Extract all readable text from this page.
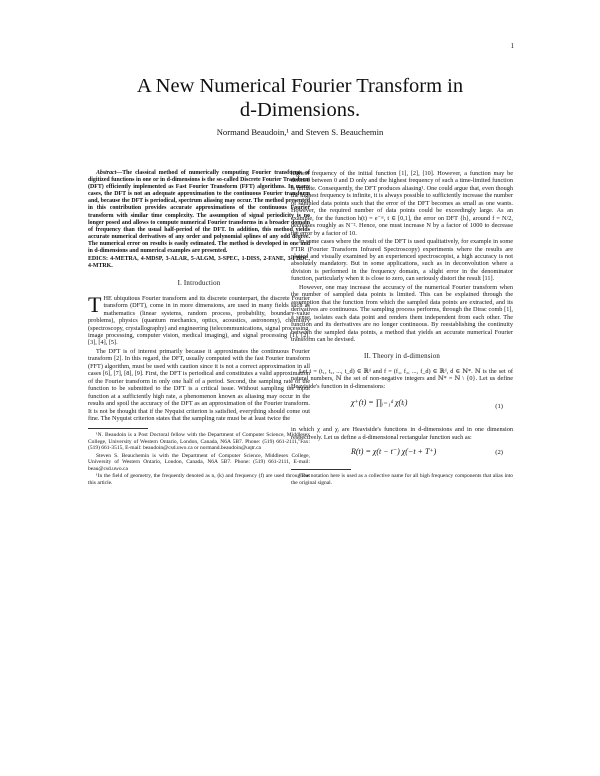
1
A New Numerical Fourier Transform in
d-Dimensions.
Normand Beaudoin,¹ and Steven S. Beauchemin

Abstract—The classical method of numerically computing Fourier transforms of digitized functions in one or in d-dimensions is the so-called Discrete Fourier Transform (DFT) efficiently implemented as Fast Fourier Transform (FFT) algorithms. In many cases, the DFT is not an adequate approximation to the continuous Fourier transform and, because the DFT is periodical, spectrum aliasing may occur. The method presented in this contribution provides accurate approximations of the continuous Fourier transform with similar time complexity. The assumption of signal periodicity is no longer posed and allows to compute numerical Fourier transforms in a broader domain of frequency than the usual half-period of the DFT. In addition, this method yields accurate numerical derivatives of any order and polynomial splines of any odd degree. The numerical error on results is easily estimated. The method is developed in one and in d-dimensions and numerical examples are presented.

EDICS: 4-METRA, 4-MDSP, 3-ALAR, 5-ALGM, 3-SPEC, 1-DISS, 2-FANE, 3-FBDC, 4-MTRK.

I. Introduction

THE ubiquitous Fourier transform and its discrete counterpart, the discrete Fourier transform (DFT), come in in more dimensions, are used in many fields such as mathematics (linear systems, random process, probability, boundary-value problems), physics (quantum mechanics, optics, acoustics, astronomy), chemistry (spectroscopy, crystallography) and engineering (telecommunications, signal processing, image processing, computer vision, medical imaging), and signal processing [1], [2], [3], [4], [5].

The DFT is of interest primarily because it approximates the continuous Fourier transform [2]. In this regard, the DFT, usually computed with the fast Fourier transform (FFT) algorithm, must be used with caution since it is not a correct approximation in all cases [6], [7], [8], [9]. First, the DFT is periodical and constitutes a valid approximation of the Fourier transform in only one half of a period. Second, the sampling rate of the function to be submitted to the DFT is a critical issue. Without sampling the input function at a sufficiently high rate, a phenomenon known as aliasing may occur in the results and spoil the accuracy of the DFT as an approximation of the Fourier transform. It is not be thought that if the Nyquist criterion is satisfied, everything should come out fine. The Nyquist criterion states that the sampling rate must be at least twice the

¹N. Beaudoin is a Post Doctoral fellow with the Department of Computer Science, Middlesex College, University of Western Ontario, London, Canada, N6A 5B7. Phone: (519) 661-2111, Fax: (519) 661-3515, E-mail: beaudoin@csd.uwo.ca or normand.beaudoin@uqtr.ca

Steven S. Beauchemin is with the Department of Computer Science, Middlesex College, University of Western Ontario, London, Canada, N6A 5B7. Phone: (519) 661-2111, E-mail: beau@csd.uwo.ca

¹In the field of geometry, the frequently denoted as n, (k) and frequency (f) are used throughout this article.

highest frequency of the initial function [1], [2], [10]. However, a function may be defined between 0 and D only and the highest frequency of such a time-limited function is infinite. Consequently, the DFT produces aliasing¹. One could argue that, even though the highest frequency is infinite, it is always possible to sufficiently increase the number of sampled data points such that the error of the DFT becomes as small as one wants. However, the required number of data points could be exceedingly large. As an example, for the function h(t) = e⁻ᵃᵗ, t ∈ [0,1], the error on DFT {h}, around f = N/2, decreases roughly as N⁻². Hence, one must increase N by a factor of 1000 to decrease the error by a factor of 10.

In some cases where the result of the DFT is used qualitatively, for example in some FTIR (Fourier Transform Infrared Spectroscopy) experiments where the results are plotted and visually examined by an experienced spectroscopist, a high accuracy is not absolutely mandatory. But in some applications, such as in deconvolution where a division is performed in the frequency domain, a slight error in the denominator function, particularly when it is close to zero, can seriously distort the result [11].

However, one may increase the accuracy of the numerical Fourier transform when the number of sampled data points is limited. This can be explained through the assumption that the function from which the sampled data points are extracted, and its derivatives are continuous. The sampling process performs, through the Dirac comb [1], a sense, isolates each data point and renders them independent from each other. The function and its derivatives are no longer continuous. By reestablishing the continuity between the sampled data points, a method that yields an accurate numerical Fourier transform can be devised.

II. Theory in d-dimension

Let t = (t₁, t₂, ..., t_d) ∈ ℝᵈ and f = (f₁, f₂, ..., f_d) ∈ ℝᵈ, d ∈ ℕ*. ℕ is the set of natural numbers, ℕ the set of non-negative integers and ℕ* = ℕ \ {0}. Let us define Heaviside's function in d-dimensions:

χ⁺(t) = ∏ᵢ₌₁ᵈ χ(tᵢ)	(1)

in which χ and χᵢ are Heaviside's functions in d-dimensions and in one dimension respectively. Let us define a d-dimensional rectangular function such as:

R(t) = χ(t − t⁻) χ(−t + T⁺)	(2)

¹The notation here is used as a collective name for all high frequency components that alias into the original signal.
